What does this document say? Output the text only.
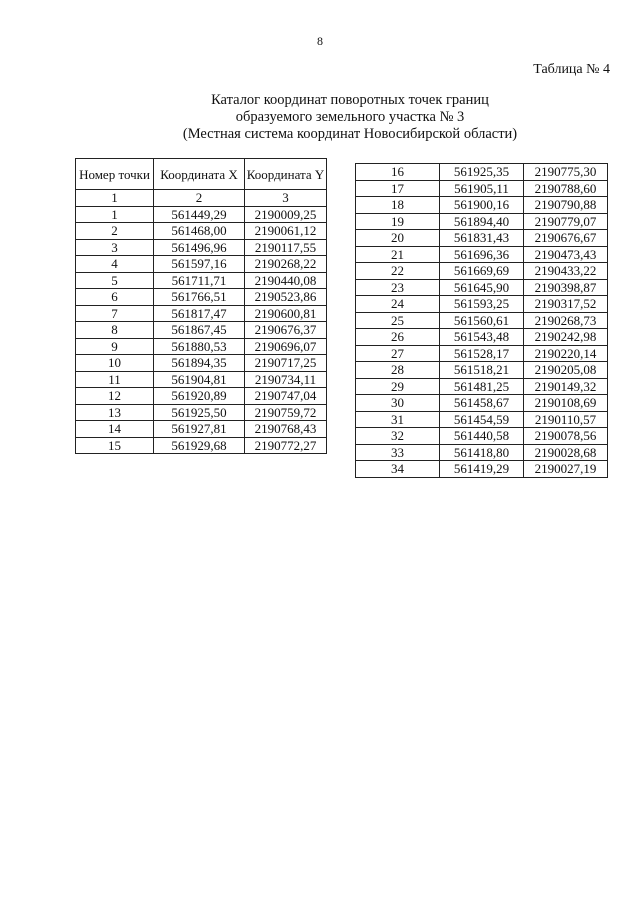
8
Таблица № 4
Каталог координат поворотных точек границ
образуемого земельного участка № 3
(Местная система координат Новосибирской области)
Номер точки	Координата X	Координата Y
1	2	3
1	561449,29	2190009,25
2	561468,00	2190061,12
3	561496,96	2190117,55
4	561597,16	2190268,22
5	561711,71	2190440,08
6	561766,51	2190523,86
7	561817,47	2190600,81
8	561867,45	2190676,37
9	561880,53	2190696,07
10	561894,35	2190717,25
11	561904,81	2190734,11
12	561920,89	2190747,04
13	561925,50	2190759,72
14	561927,81	2190768,43
15	561929,68	2190772,27
16	561925,35	2190775,30
17	561905,11	2190788,60
18	561900,16	2190790,88
19	561894,40	2190779,07
20	561831,43	2190676,67
21	561696,36	2190473,43
22	561669,69	2190433,22
23	561645,90	2190398,87
24	561593,25	2190317,52
25	561560,61	2190268,73
26	561543,48	2190242,98
27	561528,17	2190220,14
28	561518,21	2190205,08
29	561481,25	2190149,32
30	561458,67	2190108,69
31	561454,59	2190110,57
32	561440,58	2190078,56
33	561418,80	2190028,68
34	561419,29	2190027,19
